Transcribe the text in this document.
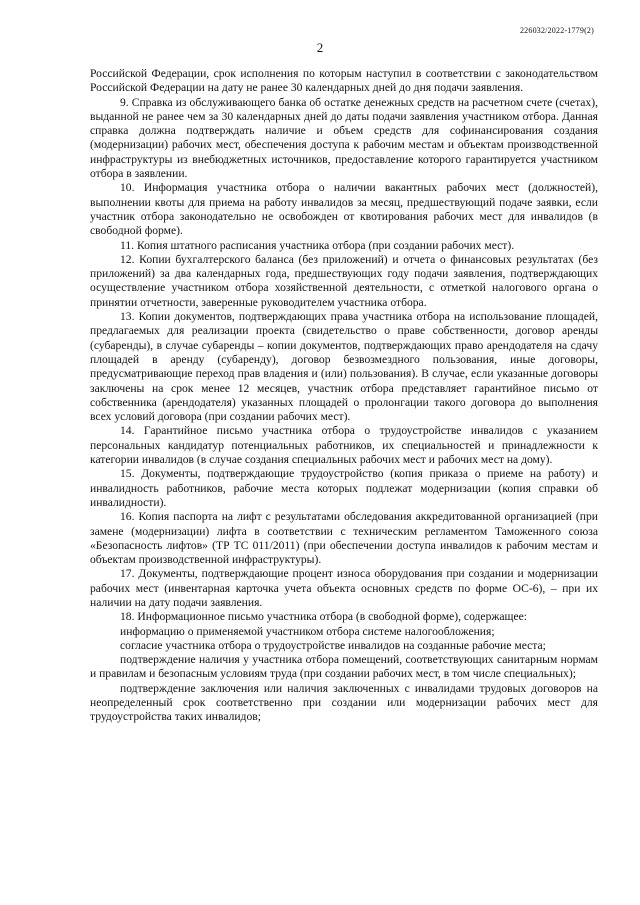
226032/2022-1779(2)
2

Российской Федерации, срок исполнения по которым наступил в соответствии с законодательством Российской Федерации на дату не ранее 30 календарных дней до дня подачи заявления.

9. Справка из обслуживающего банка об остатке денежных средств на расчетном счете (счетах), выданной не ранее чем за 30 календарных дней до даты подачи заявления участником отбора. Данная справка должна подтверждать наличие и объем средств для софинансирования создания (модернизации) рабочих мест, обеспечения доступа к рабочим местам и объектам производственной инфраструктуры из внебюджетных источников, предоставление которого гарантируется участником отбора в заявлении.

10. Информация участника отбора о наличии вакантных рабочих мест (должностей), выполнении квоты для приема на работу инвалидов за месяц, предшествующий подаче заявки, если участник отбора законодательно не освобожден от квотирования рабочих мест для инвалидов (в свободной форме).

11. Копия штатного расписания участника отбора (при создании рабочих мест).

12. Копии бухгалтерского баланса (без приложений) и отчета о финансовых результатах (без приложений) за два календарных года, предшествующих году подачи заявления, подтверждающих осуществление участником отбора хозяйственной деятельности, с отметкой налогового органа о принятии отчетности, заверенные руководителем участника отбора.

13. Копии документов, подтверждающих права участника отбора на использование площадей, предлагаемых для реализации проекта (свидетельство о праве собственности, договор аренды (субаренды), в случае субаренды – копии документов, подтверждающих право арендодателя на сдачу площадей в аренду (субаренду), договор безвозмездного пользования, иные договоры, предусматривающие переход прав владения и (или) пользования). В случае, если указанные договоры заключены на срок менее 12 месяцев, участник отбора представляет гарантийное письмо от собственника (арендодателя) указанных площадей о пролонгации такого договора до выполнения всех условий договора (при создании рабочих мест).

14. Гарантийное письмо участника отбора о трудоустройстве инвалидов с указанием персональных кандидатур потенциальных работников, их специальностей и принадлежности к категории инвалидов (в случае создания специальных рабочих мест и рабочих мест на дому).

15. Документы, подтверждающие трудоустройство (копия приказа о приеме на работу) и инвалидность работников, рабочие места которых подлежат модернизации (копия справки об инвалидности).

16. Копия паспорта на лифт с результатами обследования аккредитованной организацией (при замене (модернизации) лифта в соответствии с техническим регламентом Таможенного союза «Безопасность лифтов» (ТР ТС 011/2011) (при обеспечении доступа инвалидов к рабочим местам и объектам производственной инфраструктуры).

17. Документы, подтверждающие процент износа оборудования при создании и модернизации рабочих мест (инвентарная карточка учета объекта основных средств по форме ОС-6), – при их наличии на дату подачи заявления.

18. Информационное письмо участника отбора (в свободной форме), содержащее:

информацию о применяемой участником отбора системе налогообложения;

согласие участника отбора о трудоустройстве инвалидов на созданные рабочие места;

подтверждение наличия у участника отбора помещений, соответствующих санитарным нормам и правилам и безопасным условиям труда (при создании рабочих мест, в том числе специальных);

подтверждение заключения или наличия заключенных с инвалидами трудовых договоров на неопределенный срок соответственно при создании или модернизации рабочих мест для трудоустройства таких инвалидов;
